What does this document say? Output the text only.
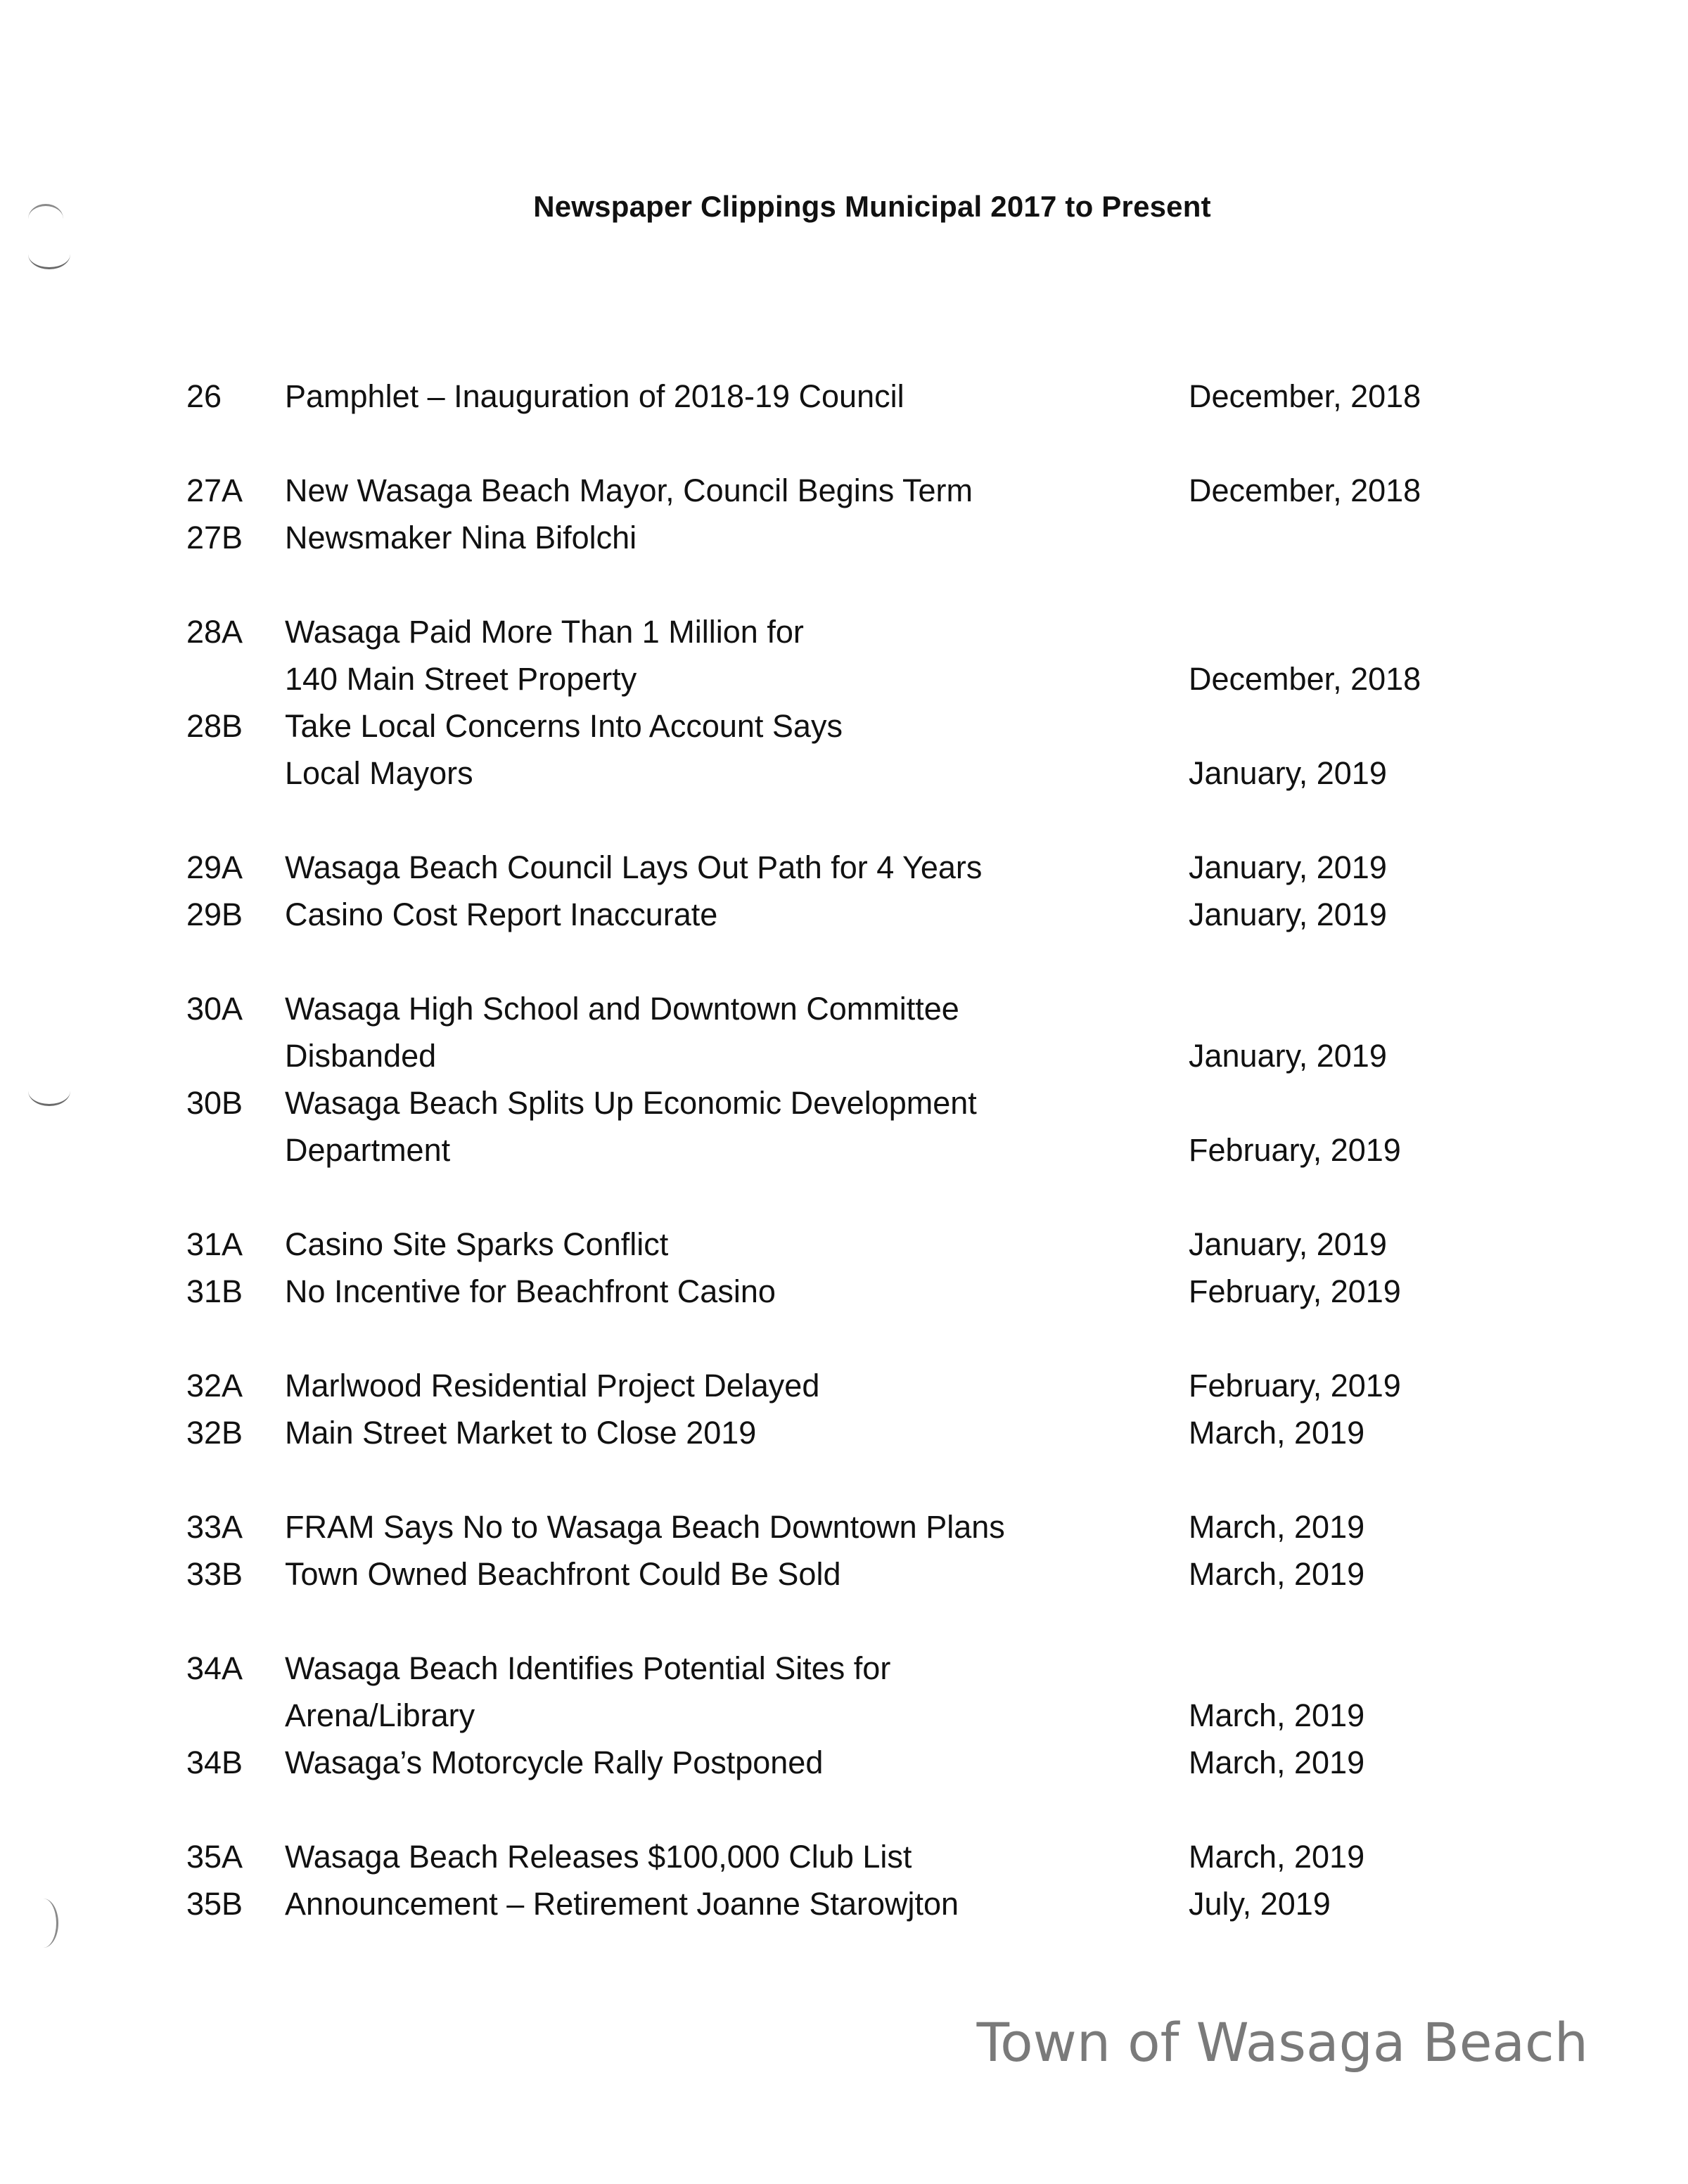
Newspaper Clippings Municipal 2017 to Present
26	Pamphlet – Inauguration of 2018-19 Council	December, 2018
27A	New Wasaga Beach Mayor, Council Begins Term	December, 2018
27B	Newsmaker Nina Bifolchi
28A	Wasaga Paid More Than 1 Million for
140 Main Street Property	December, 2018
28B	Take Local Concerns Into Account Says
Local Mayors	January, 2019
29A	Wasaga Beach Council Lays Out Path for 4 Years	January, 2019
29B	Casino Cost Report Inaccurate	January, 2019
30A	Wasaga High School and Downtown Committee
Disbanded	January, 2019
30B	Wasaga Beach Splits Up Economic Development
Department	February, 2019
31A	Casino Site Sparks Conflict	January, 2019
31B	No Incentive for Beachfront Casino	February, 2019
32A	Marlwood Residential Project Delayed	February, 2019
32B	Main Street Market to Close 2019	March, 2019
33A	FRAM Says No to Wasaga Beach Downtown Plans	March, 2019
33B	Town Owned Beachfront Could Be Sold	March, 2019
34A	Wasaga Beach Identifies Potential Sites for
Arena/Library	March, 2019
34B	Wasaga’s Motorcycle Rally Postponed	March, 2019
35A	Wasaga Beach Releases $100,000 Club List	March, 2019
35B	Announcement – Retirement Joanne Starowjton	July, 2019
Town of Wasaga Beach
